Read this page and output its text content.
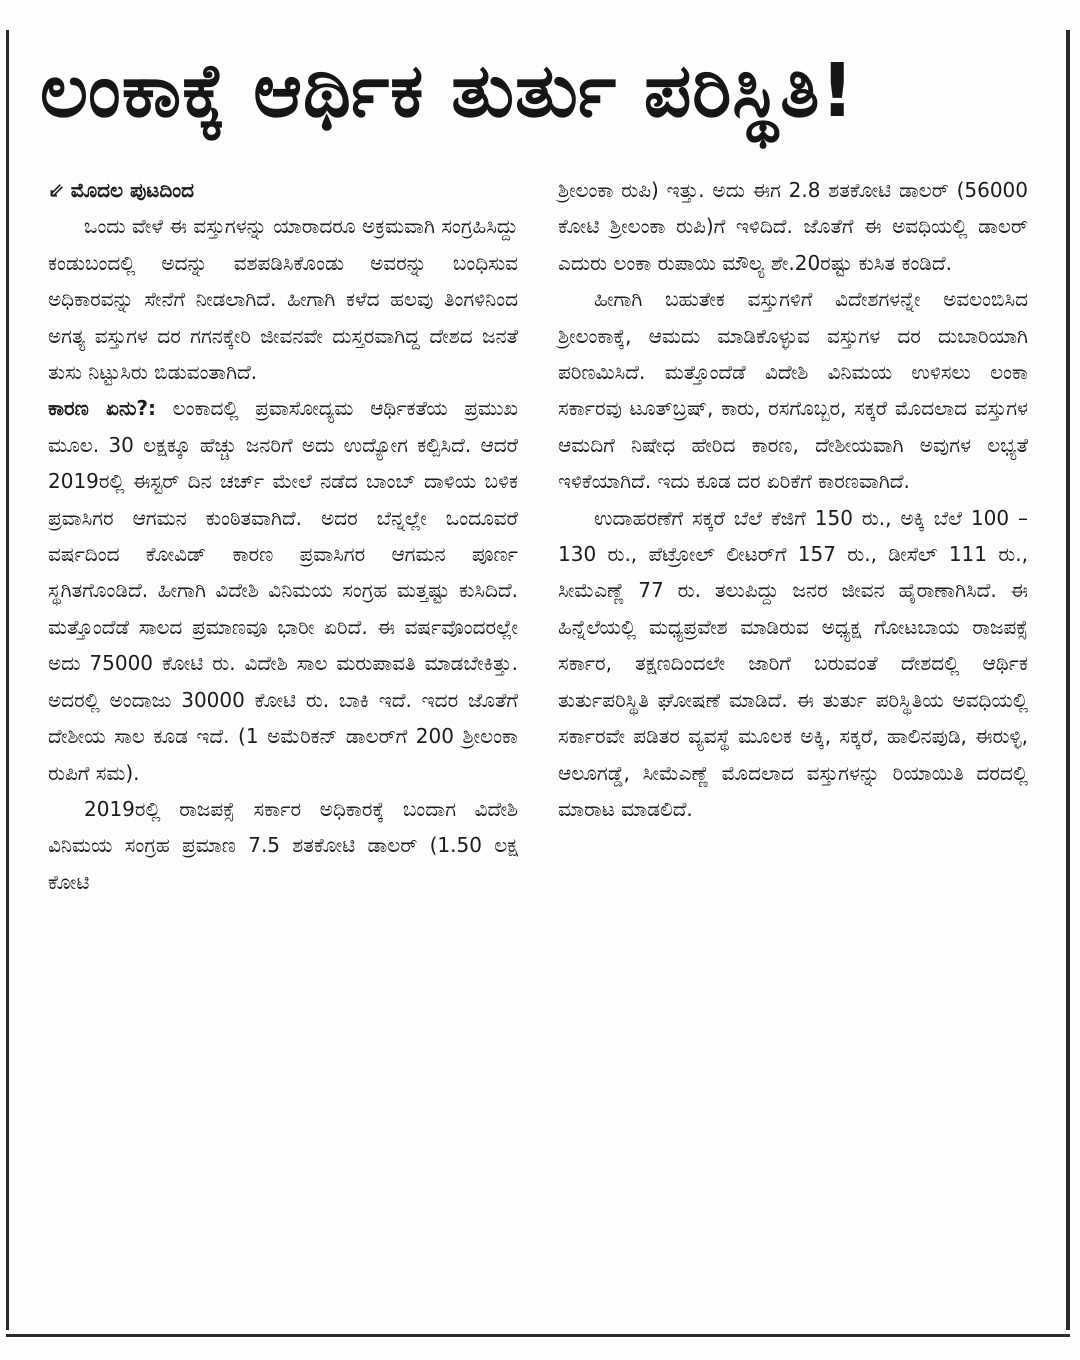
ಲಂಕಾಕ್ಕೆ ಆರ್ಥಿಕ ತುರ್ತು ಪರಿಸ್ಥಿತಿ!
⇙ ಮೊದಲ ಪುಟದಿಂದ

ಒಂದು ವೇಳೆ ಈ ವಸ್ತುಗಳನ್ನು ಯಾರಾದರೂ ಅಕ್ರಮವಾಗಿ ಸಂಗ್ರಹಿಸಿದ್ದು ಕಂಡುಬಂದಲ್ಲಿ ಅದನ್ನು ವಶಪಡಿಸಿಕೊಂಡು ಅವರನ್ನು ಬಂಧಿಸುವ ಅಧಿಕಾರವನ್ನು ಸೇನೆಗೆ ನೀಡಲಾಗಿದೆ. ಹೀಗಾಗಿ ಕಳೆದ ಹಲವು ತಿಂಗಳಿನಿಂದ ಅಗತ್ಯ ವಸ್ತುಗಳ ದರ ಗಗನಕ್ಕೇರಿ ಜೀವನವೇ ದುಸ್ತರವಾಗಿದ್ದ ದೇಶದ ಜನತೆ ತುಸು ನಿಟ್ಟುಸಿರು ಬಿಡುವಂತಾಗಿದೆ.

ಕಾರಣ ಏನು?: ಲಂಕಾದಲ್ಲಿ ಪ್ರವಾಸೋದ್ಯಮ ಆರ್ಥಿಕತೆಯ ಪ್ರಮುಖ ಮೂಲ. 30 ಲಕ್ಷಕ್ಕೂ ಹೆಚ್ಚು ಜನರಿಗೆ ಅದು ಉದ್ಯೋಗ ಕಲ್ಪಿಸಿದೆ. ಆದರೆ 2019ರಲ್ಲಿ ಈಸ್ಟರ್ ದಿನ ಚರ್ಚ್ ಮೇಲೆ ನಡೆದ ಬಾಂಬ್ ದಾಳಿಯ ಬಳಿಕ ಪ್ರವಾಸಿಗರ ಆಗಮನ ಕುಂಠಿತವಾಗಿದೆ. ಅದರ ಬೆನ್ನಲ್ಲೇ ಒಂದೂವರೆ ವರ್ಷದಿಂದ ಕೋವಿಡ್ ಕಾರಣ ಪ್ರವಾಸಿಗರ ಆಗಮನ ಪೂರ್ಣ ಸ್ಥಗಿತಗೊಂಡಿದೆ. ಹೀಗಾಗಿ ವಿದೇಶಿ ವಿನಿಮಯ ಸಂಗ್ರಹ ಮತ್ತಷ್ಟು ಕುಸಿದಿದೆ. ಮತ್ತೊಂದೆಡೆ ಸಾಲದ ಪ್ರಮಾಣವೂ ಭಾರೀ ಏರಿದೆ. ಈ ವರ್ಷವೊಂದರಲ್ಲೇ ಅದು 75000 ಕೋಟಿ ರು. ವಿದೇಶಿ ಸಾಲ ಮರುಪಾವತಿ ಮಾಡಬೇಕಿತ್ತು. ಅದರಲ್ಲಿ ಅಂದಾಜು 30000 ಕೋಟಿ ರು. ಬಾಕಿ ಇದೆ. ಇದರ ಜೊತೆಗೆ ದೇಶೀಯ ಸಾಲ ಕೂಡ ಇದೆ. (1 ಅಮೆರಿಕನ್ ಡಾಲರ್‌ಗೆ 200 ಶ್ರೀಲಂಕಾ ರುಪಿಗೆ ಸಮ).

2019ರಲ್ಲಿ ರಾಜಪಕ್ಸೆ ಸರ್ಕಾರ ಅಧಿಕಾರಕ್ಕೆ ಬಂದಾಗ ವಿದೇಶಿ ವಿನಿಮಯ ಸಂಗ್ರಹ ಪ್ರಮಾಣ 7.5 ಶತಕೋಟಿ ಡಾಲರ್ (1.50 ಲಕ್ಷ ಕೋಟಿ

ಶ್ರೀಲಂಕಾ ರುಪಿ) ಇತ್ತು. ಅದು ಈಗ 2.8 ಶತಕೋಟಿ ಡಾಲರ್ (56000 ಕೋಟಿ ಶ್ರೀಲಂಕಾ ರುಪಿ)ಗೆ ಇಳಿದಿದೆ. ಜೊತೆಗೆ ಈ ಅವಧಿಯಲ್ಲಿ ಡಾಲರ್ ಎದುರು ಲಂಕಾ ರುಪಾಯಿ ಮೌಲ್ಯ ಶೇ.20ರಷ್ಟು ಕುಸಿತ ಕಂಡಿದೆ.

ಹೀಗಾಗಿ ಬಹುತೇಕ ವಸ್ತುಗಳಿಗೆ ವಿದೇಶಗಳನ್ನೇ ಅವಲಂಬಿಸಿದ ಶ್ರೀಲಂಕಾಕ್ಕೆ, ಆಮದು ಮಾಡಿಕೊಳ್ಳುವ ವಸ್ತುಗಳ ದರ ದುಬಾರಿಯಾಗಿ ಪರಿಣಮಿಸಿದೆ. ಮತ್ತೊಂದೆಡೆ ವಿದೇಶಿ ವಿನಿಮಯ ಉಳಿಸಲು ಲಂಕಾ ಸರ್ಕಾರವು ಟೂತ್‌ಬ್ರಷ್, ಕಾರು, ರಸಗೊಬ್ಬರ, ಸಕ್ಕರೆ ಮೊದಲಾದ ವಸ್ತುಗಳ ಆಮದಿಗೆ ನಿಷೇಧ ಹೇರಿದ ಕಾರಣ, ದೇಶೀಯವಾಗಿ ಅವುಗಳ ಲಭ್ಯತೆ ಇಳಿಕೆಯಾಗಿದೆ. ಇದು ಕೂಡ ದರ ಏರಿಕೆಗೆ ಕಾರಣವಾಗಿದೆ.

ಉದಾಹರಣೆಗೆ ಸಕ್ಕರೆ ಬೆಲೆ ಕೆಜಿಗೆ 150 ರು., ಅಕ್ಕಿ ಬೆಲೆ 100 – 130 ರು., ಪೆಟ್ರೋಲ್ ಲೀಟರ್‌ಗೆ 157 ರು., ಡೀಸೆಲ್ 111 ರು., ಸೀಮೆಎಣ್ಣೆ 77 ರು. ತಲುಪಿದ್ದು ಜನರ ಜೀವನ ಹೈರಾಣಾಗಿಸಿದೆ. ಈ ಹಿನ್ನೆಲೆಯಲ್ಲಿ ಮಧ್ಯಪ್ರವೇಶ ಮಾಡಿರುವ ಅಧ್ಯಕ್ಷ ಗೋಟಬಾಯ ರಾಜಪಕ್ಸೆ ಸರ್ಕಾರ, ತಕ್ಷಣದಿಂದಲೇ ಜಾರಿಗೆ ಬರುವಂತೆ ದೇಶದಲ್ಲಿ ಆರ್ಥಿಕ ತುರ್ತುಪರಿಸ್ಥಿತಿ ಘೋಷಣೆ ಮಾಡಿದೆ. ಈ ತುರ್ತು ಪರಿಸ್ಥಿತಿಯ ಅವಧಿಯಲ್ಲಿ ಸರ್ಕಾರವೇ ಪಡಿತರ ವ್ಯವಸ್ಥೆ ಮೂಲಕ ಅಕ್ಕಿ, ಸಕ್ಕರೆ, ಹಾಲಿನಪುಡಿ, ಈರುಳ್ಳಿ, ಆಲೂಗಡ್ಡೆ, ಸೀಮೆಎಣ್ಣೆ ಮೊದಲಾದ ವಸ್ತುಗಳನ್ನು ರಿಯಾಯಿತಿ ದರದಲ್ಲಿ ಮಾರಾಟ ಮಾಡಲಿದೆ.
